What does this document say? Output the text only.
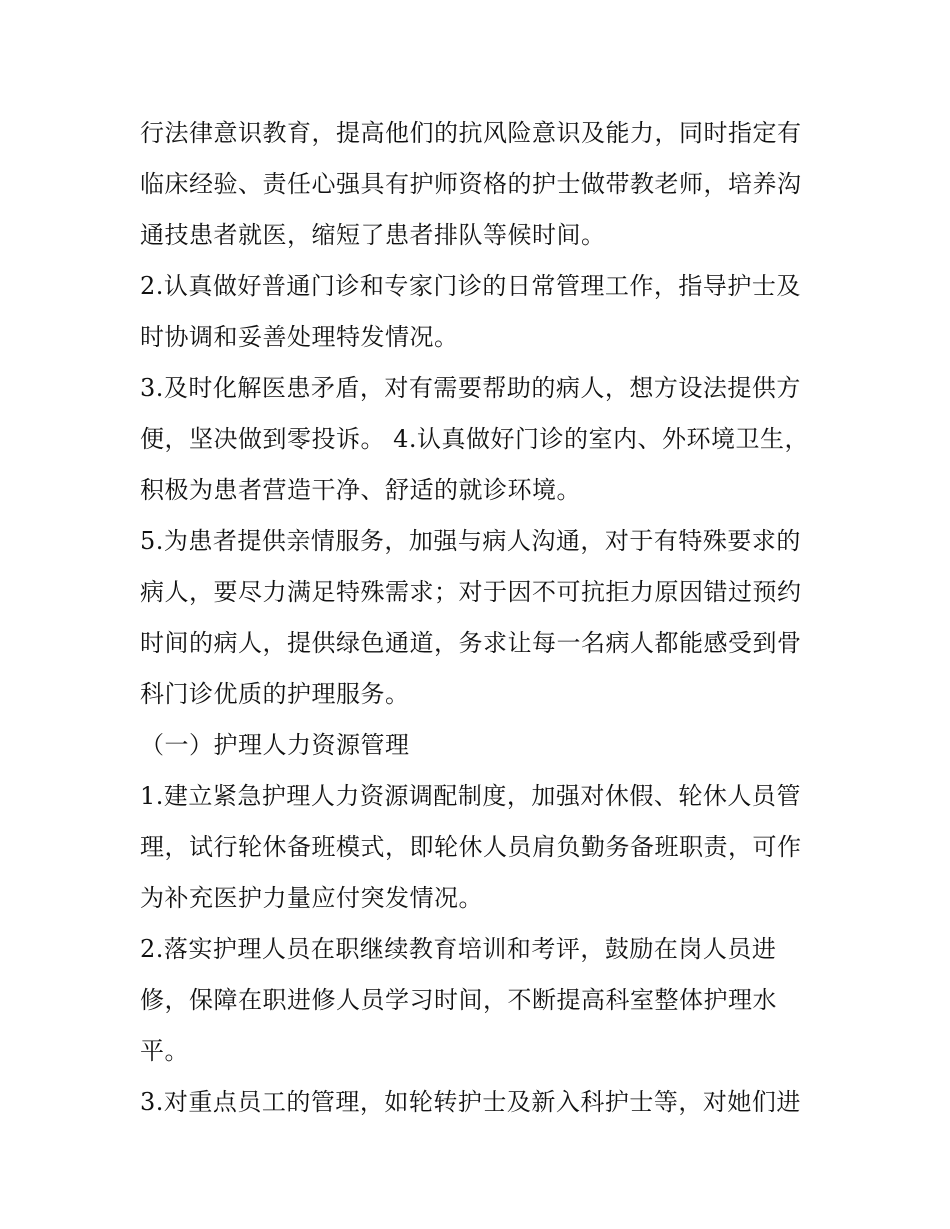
行法律意识教育，提高他们的抗风险意识及能力，同时指定有
临床经验、责任心强具有护师资格的护士做带教老师，培养沟
通技患者就医，缩短了患者排队等候时间。
2.认真做好普通门诊和专家门诊的日常管理工作，指导护士及
时协调和妥善处理特发情况。
3.及时化解医患矛盾，对有需要帮助的病人，想方设法提供方
便，坚决做到零投诉。 4.认真做好门诊的室内、外环境卫生，
积极为患者营造干净、舒适的就诊环境。
5.为患者提供亲情服务，加强与病人沟通，对于有特殊要求的
病人，要尽力满足特殊需求；对于因不可抗拒力原因错过预约
时间的病人，提供绿色通道，务求让每一名病人都能感受到骨
科门诊优质的护理服务。
（一）护理人力资源管理
1.建立紧急护理人力资源调配制度，加强对休假、轮休人员管
理，试行轮休备班模式，即轮休人员肩负勤务备班职责，可作
为补充医护力量应付突发情况。
2.落实护理人员在职继续教育培训和考评，鼓励在岗人员进
修，保障在职进修人员学习时间，不断提高科室整体护理水
平。
3.对重点员工的管理，如轮转护士及新入科护士等，对她们进
